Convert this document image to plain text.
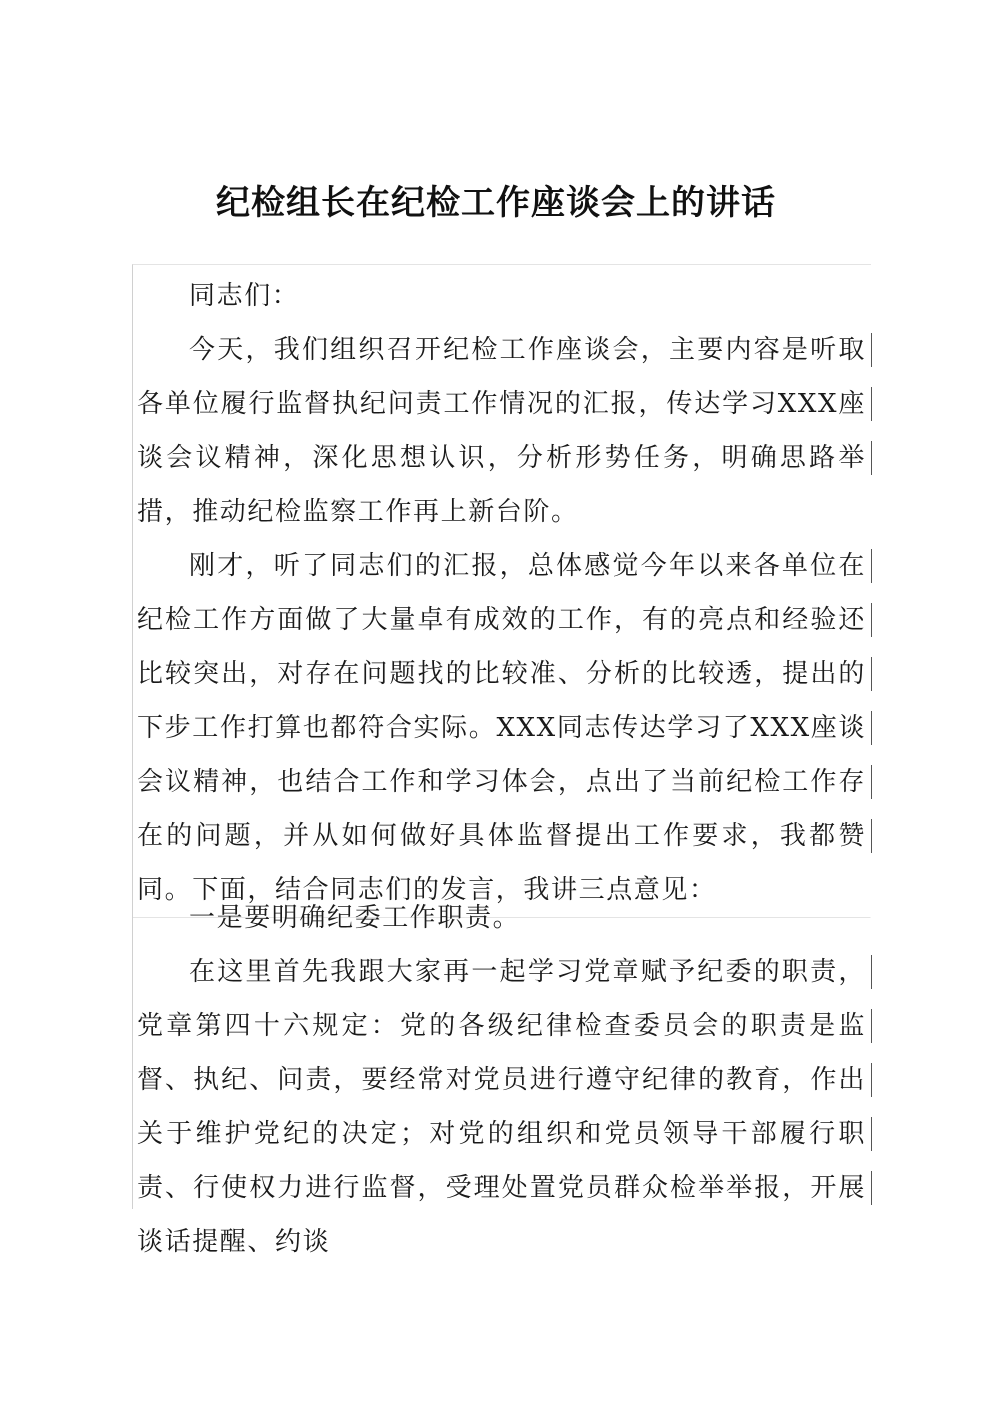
纪检组长在纪检工作座谈会上的讲话
同志们：
今天，我们组织召开纪检工作座谈会，主要内容是听取各单位履行监督执纪问责工作情况的汇报，传达学习XXX座谈会议精神，深化思想认识，分析形势任务，明确思路举措，推动纪检监察工作再上新台阶。
刚才，听了同志们的汇报，总体感觉今年以来各单位在纪检工作方面做了大量卓有成效的工作，有的亮点和经验还比较突出，对存在问题找的比较准、分析的比较透，提出的下步工作打算也都符合实际。XXX同志传达学习了XXX座谈会议精神，也结合工作和学习体会，点出了当前纪检工作存在的问题，并从如何做好具体监督提出工作要求，我都赞同。下面，结合同志们的发言，我讲三点意见：
一是要明确纪委工作职责。
在这里首先我跟大家再一起学习党章赋予纪委的职责，党章第四十六规定：党的各级纪律检查委员会的职责是监督、执纪、问责，要经常对党员进行遵守纪律的教育，作出关于维护党纪的决定；对党的组织和党员领导干部履行职责、行使权力进行监督，受理处置党员群众检举举报，开展谈话提醒、约谈
